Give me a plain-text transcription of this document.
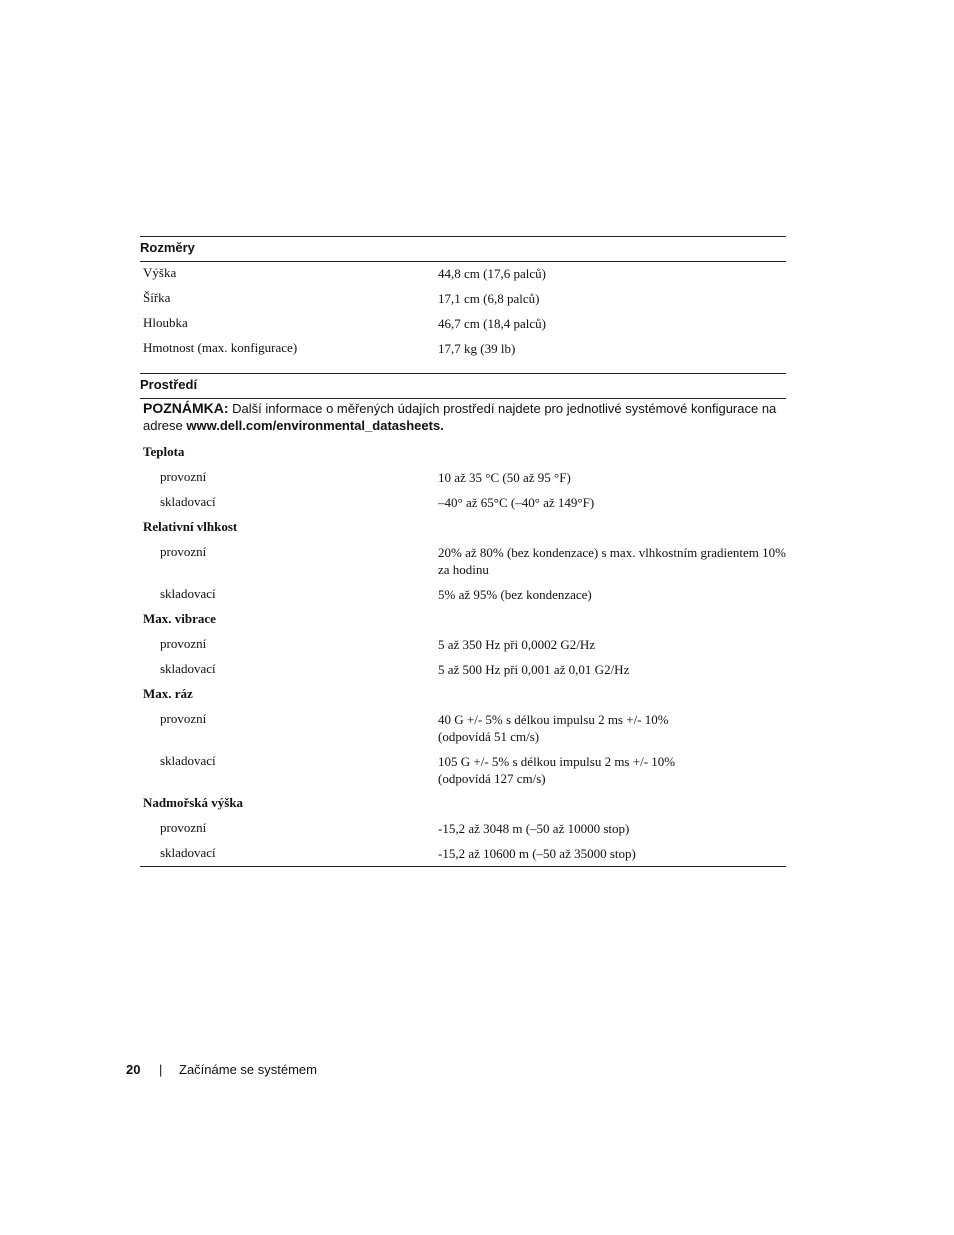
Rozměry
Výška	44,8 cm (17,6 palců)
Šířka	17,1 cm (6,8 palců)
Hloubka	46,7 cm (18,4 palců)
Hmotnost (max. konfigurace)	17,7 kg (39 lb)
Prostředí
POZNÁMKA: Další informace o měřených údajích prostředí najdete pro jednotlivé systémové konfigurace na adrese www.dell.com/environmental_datasheets.
Teplota
provozní	10 až 35 °C (50 až 95 °F)
skladovací	–40° až 65°C (–40° až 149°F)
Relativní vlhkost
provozní	20% až 80% (bez kondenzace) s max. vlhkostním gradientem 10% za hodinu
skladovací	5% až 95% (bez kondenzace)
Max. vibrace
provozní	5 až 350 Hz při 0,0002 G2/Hz
skladovací	5 až 500 Hz při 0,001 až 0,01 G2/Hz
Max. ráz
provozní	40 G +/- 5% s délkou impulsu 2 ms +/- 10% (odpovídá 51 cm/s)
skladovací	105 G +/- 5% s délkou impulsu 2 ms +/- 10% (odpovídá 127 cm/s)
Nadmořská výška
provozní	-15,2 až 3048 m (–50 až 10000 stop)
skladovací	-15,2 až 10600 m (–50 až 35000 stop)
20 | Začínáme se systémem
